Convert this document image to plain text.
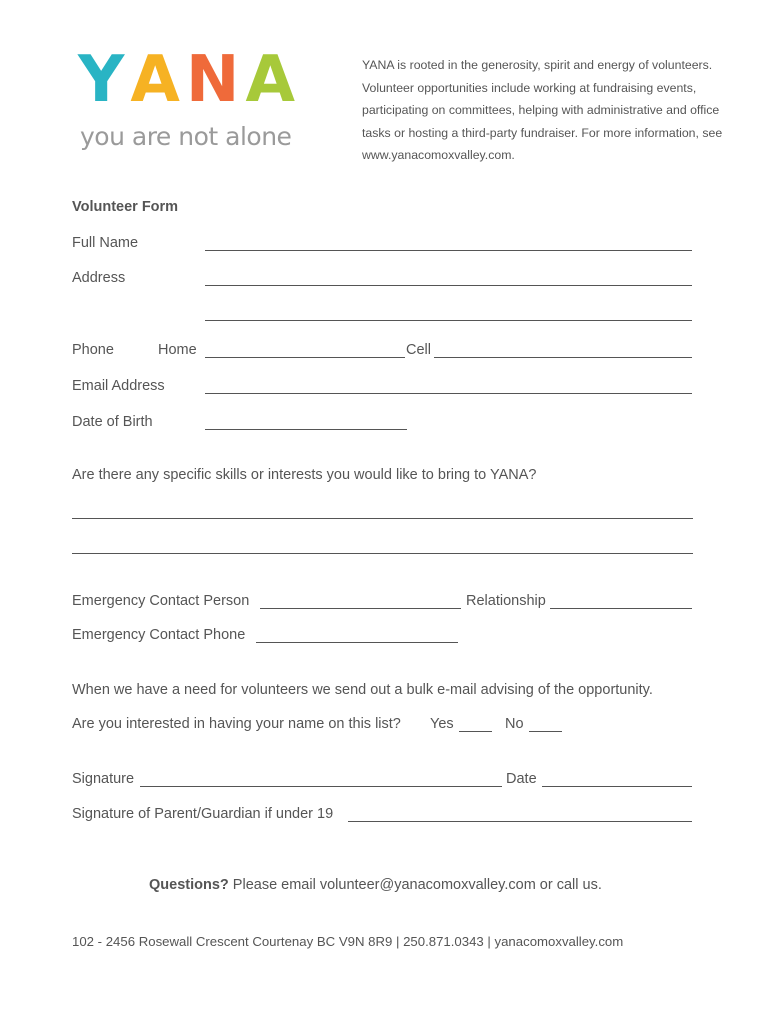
YANA
you are not alone
YANA is rooted in the generosity, spirit and energy of volunteers. Volunteer opportunities include working at fundraising events, participating on committees, helping with administrative and office tasks or hosting a third-party fundraiser. For more information, see www.yanacomoxvalley.com.
Volunteer Form
Full Name
Address
Phone	Home	Cell
Email Address
Date of Birth
Are there any specific skills or interests you would like to bring to YANA?
Emergency Contact Person	Relationship
Emergency Contact Phone
When we have a need for volunteers we send out a bulk e-mail advising of the opportunity.
Are you interested in having your name on this list? Yes	No
Signature	Date
Signature of Parent/Guardian if under 19
Questions? Please email volunteer@yanacomoxvalley.com or call us.
102 - 2456 Rosewall Crescent Courtenay BC V9N 8R9 | 250.871.0343 | yanacomoxvalley.com
